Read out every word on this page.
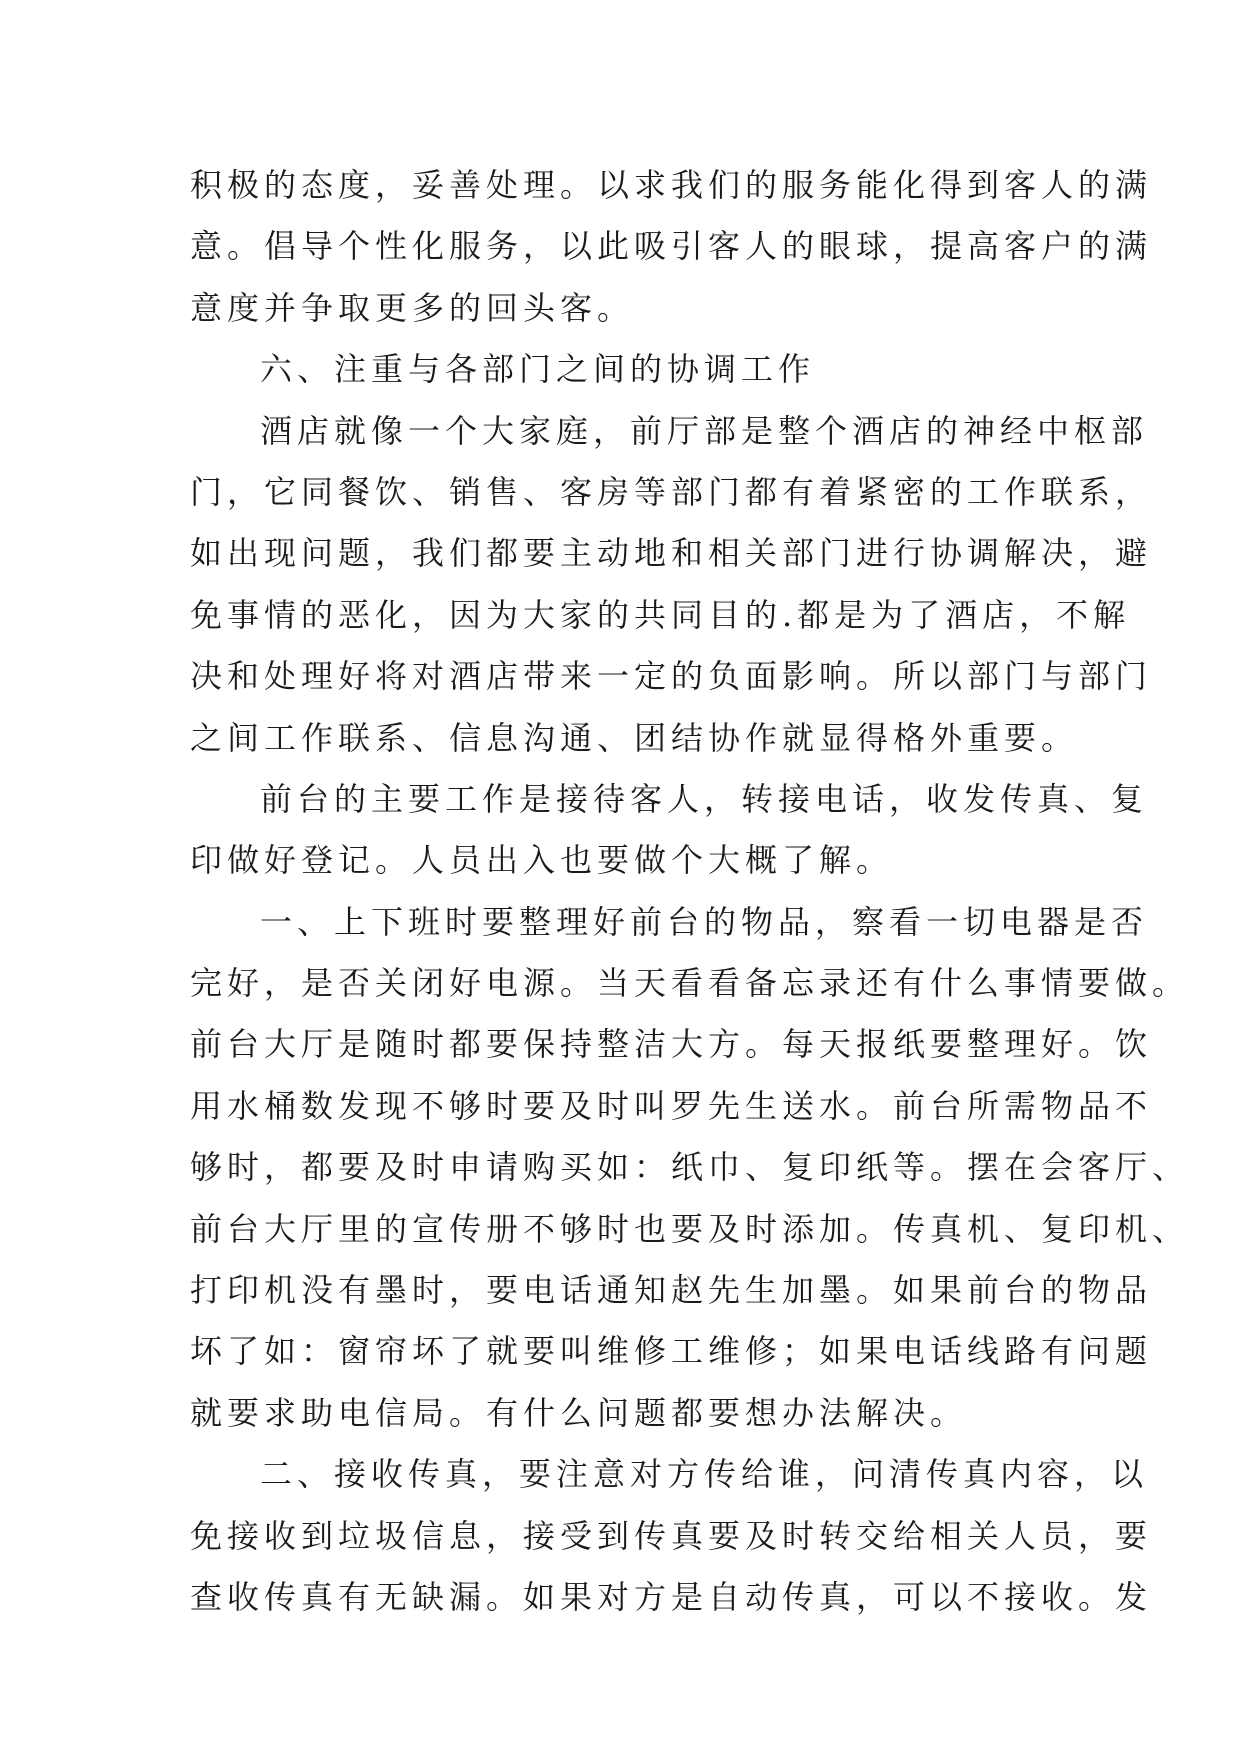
积极的态度，妥善处理。以求我们的服务能化得到客人的满
意。倡导个性化服务，以此吸引客人的眼球，提高客户的满
意度并争取更多的回头客。
六、注重与各部门之间的协调工作
酒店就像一个大家庭，前厅部是整个酒店的神经中枢部
门，它同餐饮、销售、客房等部门都有着紧密的工作联系，
如出现问题，我们都要主动地和相关部门进行协调解决，避
免事情的恶化，因为大家的共同目的.都是为了酒店，不解
决和处理好将对酒店带来一定的负面影响。所以部门与部门
之间工作联系、信息沟通、团结协作就显得格外重要。
前台的主要工作是接待客人，转接电话，收发传真、复
印做好登记。人员出入也要做个大概了解。
一、上下班时要整理好前台的物品，察看一切电器是否
完好，是否关闭好电源。当天看看备忘录还有什么事情要做。
前台大厅是随时都要保持整洁大方。每天报纸要整理好。饮
用水桶数发现不够时要及时叫罗先生送水。前台所需物品不
够时，都要及时申请购买如：纸巾、复印纸等。摆在会客厅、
前台大厅里的宣传册不够时也要及时添加。传真机、复印机、
打印机没有墨时，要电话通知赵先生加墨。如果前台的物品
坏了如：窗帘坏了就要叫维修工维修；如果电话线路有问题
就要求助电信局。有什么问题都要想办法解决。
二、接收传真，要注意对方传给谁，问清传真内容，以
免接收到垃圾信息，接受到传真要及时转交给相关人员，要
查收传真有无缺漏。如果对方是自动传真，可以不接收。发
